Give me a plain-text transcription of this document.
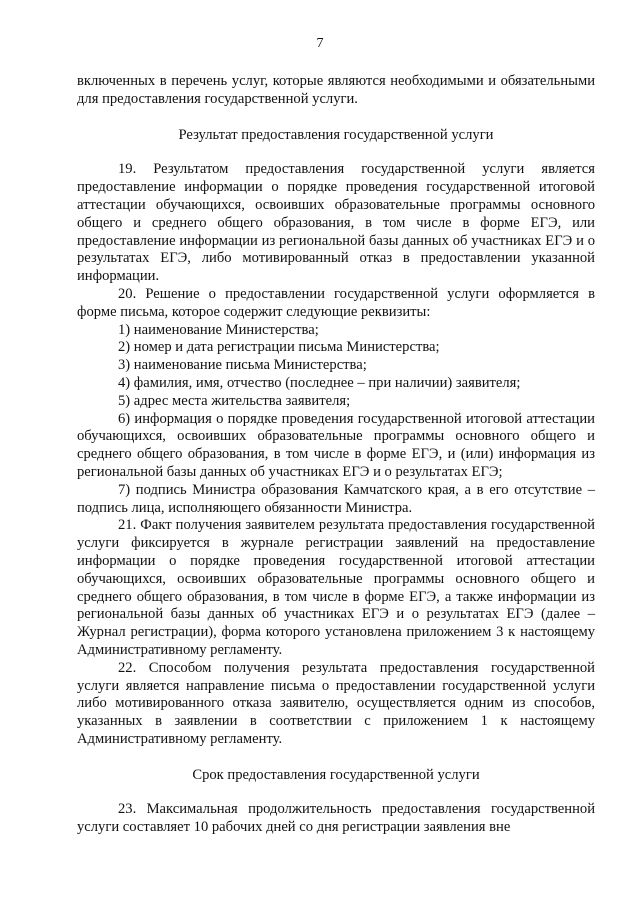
7

включенных в перечень услуг, которые являются необходимыми и обязательными для предоставления государственной услуги.

Результат предоставления государственной услуги

19. Результатом предоставления государственной услуги является предоставление информации о порядке проведения государственной итоговой аттестации обучающихся, освоивших образовательные программы основного общего и среднего общего образования, в том числе в форме ЕГЭ, или предоставление информации из региональной базы данных об участниках ЕГЭ и о результатах ЕГЭ, либо мотивированный отказ в предоставлении указанной информации.

20. Решение о предоставлении государственной услуги оформляется в форме письма, которое содержит следующие реквизиты:

1) наименование Министерства;

2) номер и дата регистрации письма Министерства;

3) наименование письма Министерства;

4) фамилия, имя, отчество (последнее – при наличии) заявителя;

5) адрес места жительства заявителя;

6) информация о порядке проведения государственной итоговой аттестации обучающихся, освоивших образовательные программы основного общего и среднего общего образования, в том числе в форме ЕГЭ, и (или) информация из региональной базы данных об участниках ЕГЭ и о результатах ЕГЭ;

7) подпись Министра образования Камчатского края, а в его отсутствие – подпись лица, исполняющего обязанности Министра.

21. Факт получения заявителем результата предоставления государственной услуги фиксируется в журнале регистрации заявлений на предоставление информации о порядке проведения государственной итоговой аттестации обучающихся, освоивших образовательные программы основного общего и среднего общего образования, в том числе в форме ЕГЭ, а также информации из региональной базы данных об участниках ЕГЭ и о результатах ЕГЭ (далее – Журнал регистрации), форма которого установлена приложением 3 к настоящему Административному регламенту.

22. Способом получения результата предоставления государственной услуги является направление письма о предоставлении государственной услуги либо мотивированного отказа заявителю, осуществляется одним из способов, указанных в заявлении в соответствии с приложением 1 к настоящему Административному регламенту.

Срок предоставления государственной услуги

23. Максимальная продолжительность предоставления государственной услуги составляет 10 рабочих дней со дня регистрации заявления вне
